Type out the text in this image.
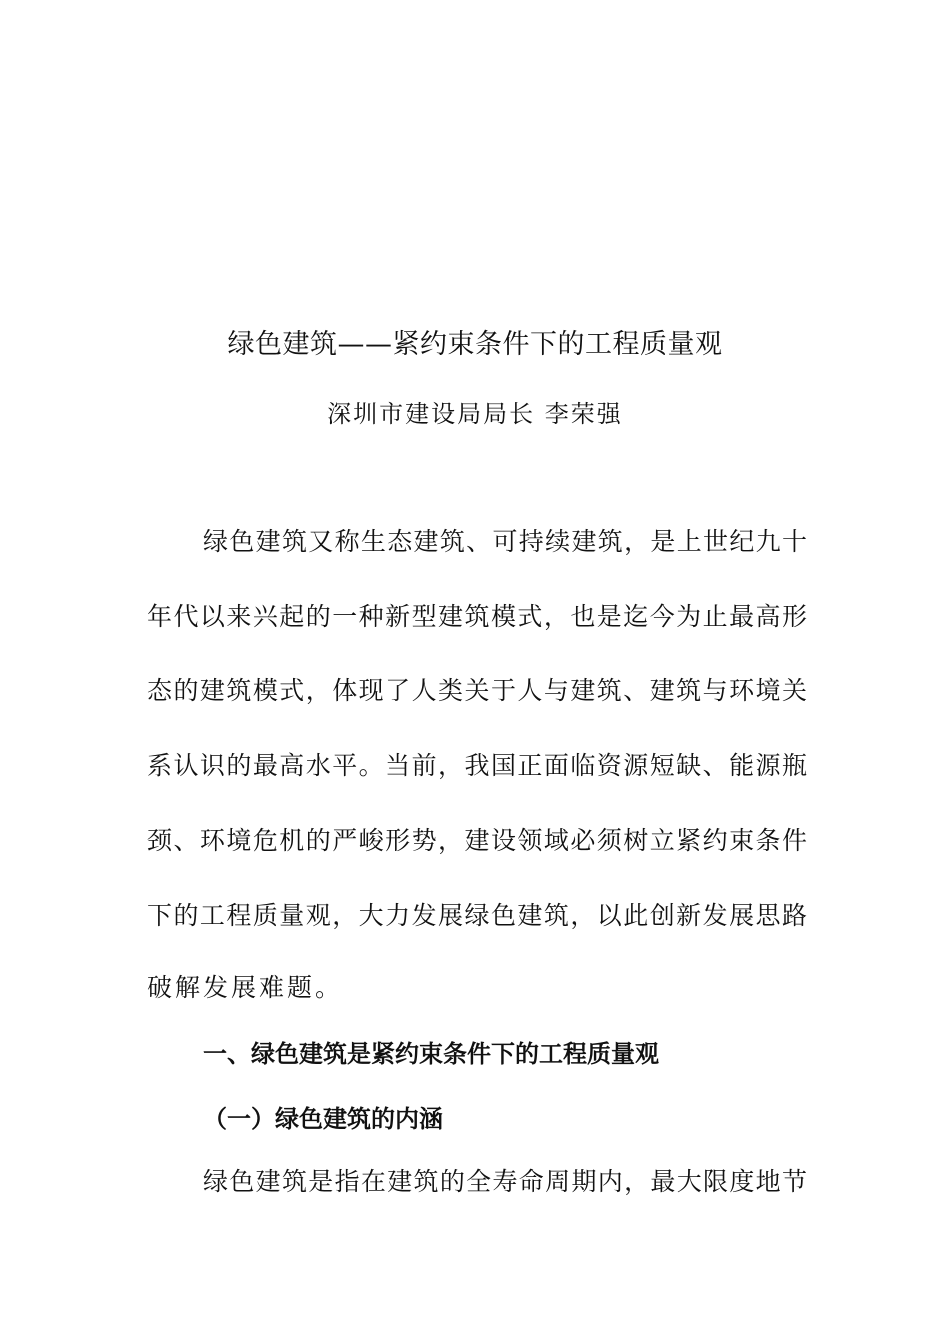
绿色建筑——紧约束条件下的工程质量观
深圳市建设局局长 李荣强
绿色建筑又称生态建筑、可持续建筑，是上世纪九十
年代以来兴起的一种新型建筑模式，也是迄今为止最高形
态的建筑模式，体现了人类关于人与建筑、建筑与环境关
系认识的最高水平。当前，我国正面临资源短缺、能源瓶
颈、环境危机的严峻形势，建设领域必须树立紧约束条件
下的工程质量观，大力发展绿色建筑，以此创新发展思路
破解发展难题。
一、绿色建筑是紧约束条件下的工程质量观
（一）绿色建筑的内涵
绿色建筑是指在建筑的全寿命周期内，最大限度地节
